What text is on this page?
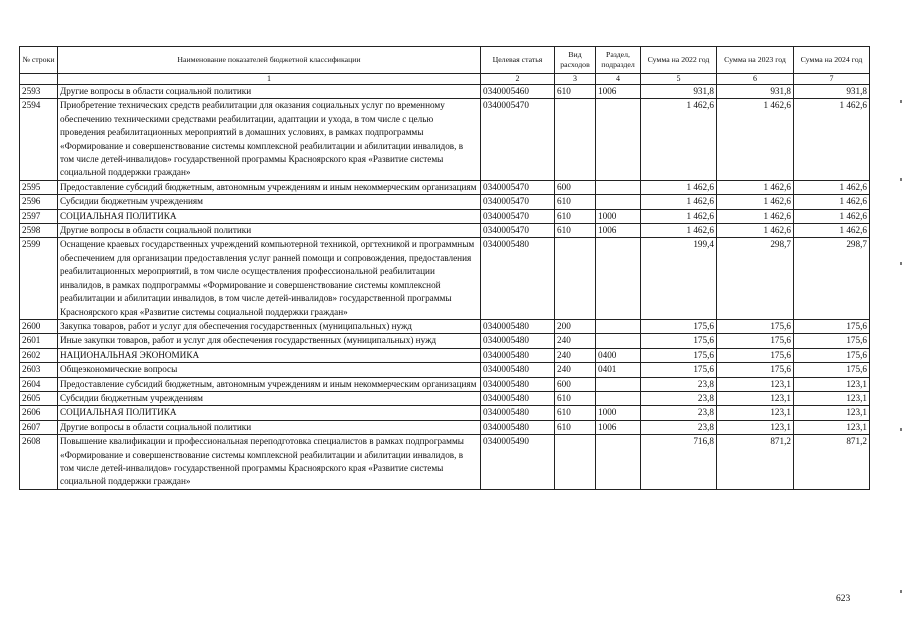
№ строки	Наименование показателей бюджетной классификации	Целевая статья	Вид расходов	Раздел, подраздел	Сумма на 2022 год	Сумма на 2023 год	Сумма на 2024 год
	1	2	3	4	5	6	7
2593	Другие вопросы в области социальной политики	0340005460	610	1006	931,8	931,8	931,8
2594	Приобретение технических средств реабилитации для оказания социальных услуг по временному обеспечению техническими средствами реабилитации, адаптации и ухода, в том числе с целью проведения реабилитационных мероприятий в домашних условиях, в рамках подпрограммы «Формирование и совершенствование системы комплексной реабилитации и абилитации инвалидов, в том числе детей-инвалидов» государственной программы Красноярского края «Развитие системы социальной поддержки граждан»	0340005470			1 462,6	1 462,6	1 462,6
2595	Предоставление субсидий бюджетным, автономным учреждениям и иным некоммерческим организациям	0340005470	600		1 462,6	1 462,6	1 462,6
2596	Субсидии бюджетным учреждениям	0340005470	610		1 462,6	1 462,6	1 462,6
2597	СОЦИАЛЬНАЯ ПОЛИТИКА	0340005470	610	1000	1 462,6	1 462,6	1 462,6
2598	Другие вопросы в области социальной политики	0340005470	610	1006	1 462,6	1 462,6	1 462,6
2599	Оснащение краевых государственных учреждений компьютерной техникой, оргтехникой и программным обеспечением для организации предоставления услуг ранней помощи и сопровождения, предоставления реабилитационных мероприятий, в том числе осуществления профессиональной реабилитации инвалидов, в рамках подпрограммы «Формирование и совершенствование системы комплексной реабилитации и абилитации инвалидов, в том числе детей-инвалидов» государственной программы Красноярского края «Развитие системы социальной поддержки граждан»	0340005480			199,4	298,7	298,7
2600	Закупка товаров, работ и услуг для обеспечения государственных (муниципальных) нужд	0340005480	200		175,6	175,6	175,6
2601	Иные закупки товаров, работ и услуг для обеспечения государственных (муниципальных) нужд	0340005480	240		175,6	175,6	175,6
2602	НАЦИОНАЛЬНАЯ ЭКОНОМИКА	0340005480	240	0400	175,6	175,6	175,6
2603	Общеэкономические вопросы	0340005480	240	0401	175,6	175,6	175,6
2604	Предоставление субсидий бюджетным, автономным учреждениям и иным некоммерческим организациям	0340005480	600		23,8	123,1	123,1
2605	Субсидии бюджетным учреждениям	0340005480	610		23,8	123,1	123,1
2606	СОЦИАЛЬНАЯ ПОЛИТИКА	0340005480	610	1000	23,8	123,1	123,1
2607	Другие вопросы в области социальной политики	0340005480	610	1006	23,8	123,1	123,1
2608	Повышение квалификации и профессиональная переподготовка специалистов в рамках подпрограммы «Формирование и совершенствование системы комплексной реабилитации и абилитации инвалидов, в том числе детей-инвалидов» государственной программы Красноярского края «Развитие системы социальной поддержки граждан»	0340005490			716,8	871,2	871,2
623
